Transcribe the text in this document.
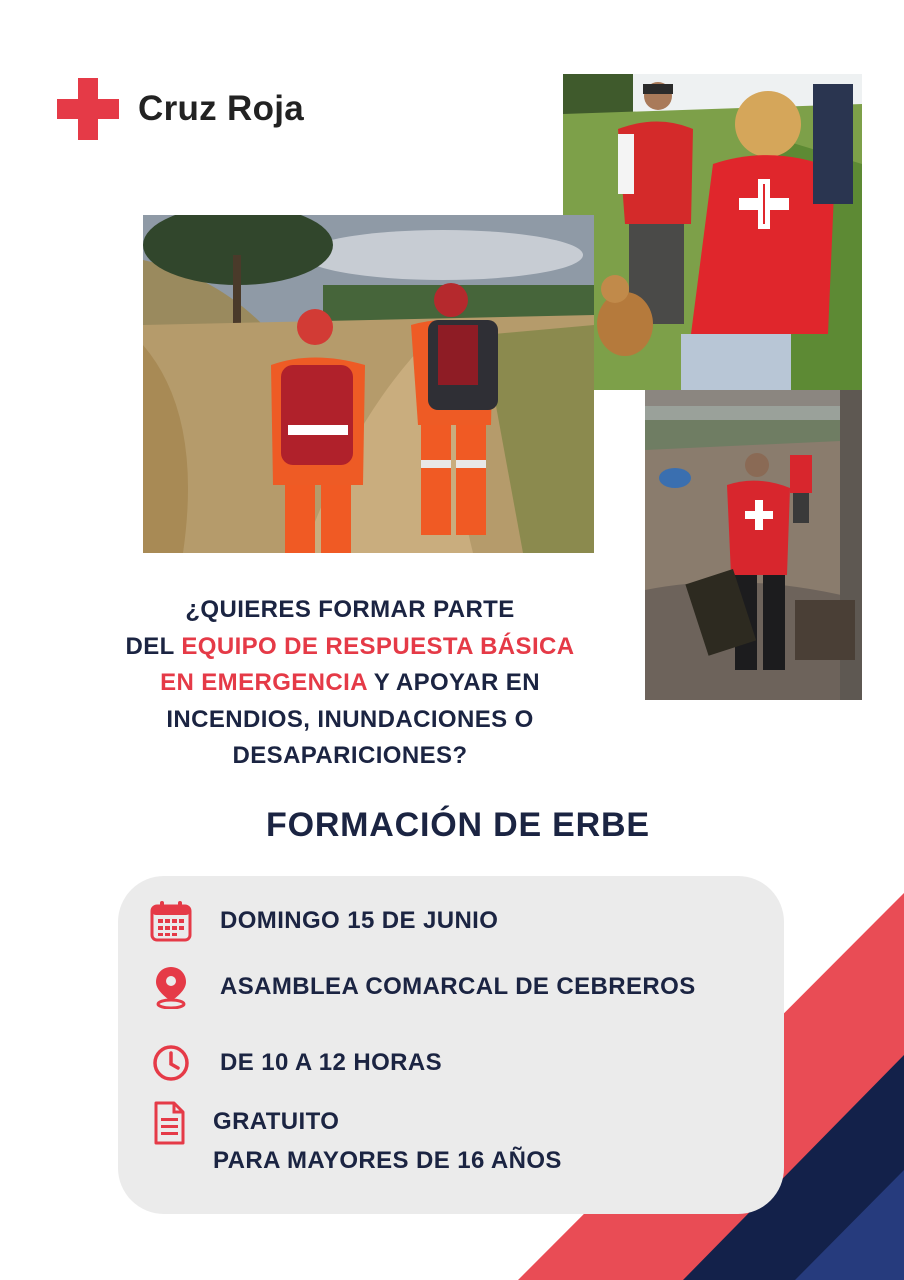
Cruz Roja
¿QUIERES FORMAR PARTE
DEL EQUIPO DE RESPUESTA BÁSICA
EN EMERGENCIA Y APOYAR EN
INCENDIOS, INUNDACIONES O
DESAPARICIONES?
FORMACIÓN DE ERBE
DOMINGO 15 DE JUNIO
ASAMBLEA COMARCAL DE CEBREROS
DE 10 A 12 HORAS
GRATUITO
PARA MAYORES DE 16 AÑOS
